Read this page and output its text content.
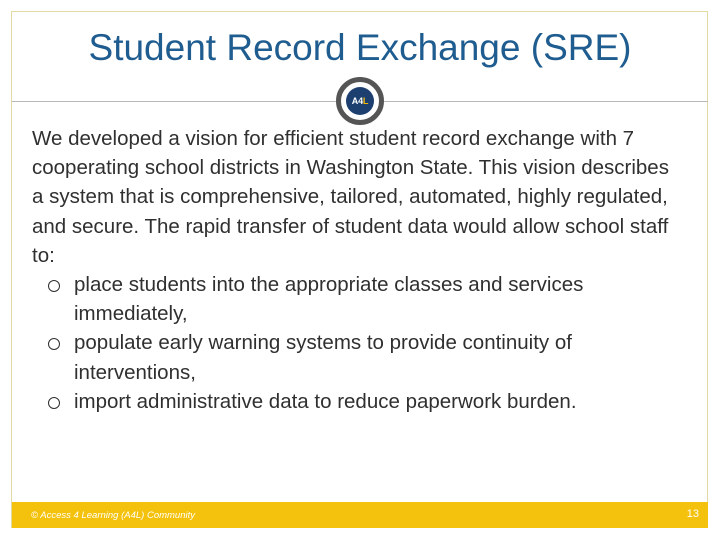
Student Record Exchange (SRE)
A4L

We developed a vision for efficient student record exchange with 7 cooperating school districts in Washington State. This vision describes a system that is comprehensive, tailored, automated, highly regulated, and secure. The rapid transfer of student data would allow school staff to:

place students into the appropriate classes and services immediately,
populate early warning systems to provide continuity of interventions,
import administrative data to reduce paperwork burden.
© Access 4 Learning (A4L) Community	13
